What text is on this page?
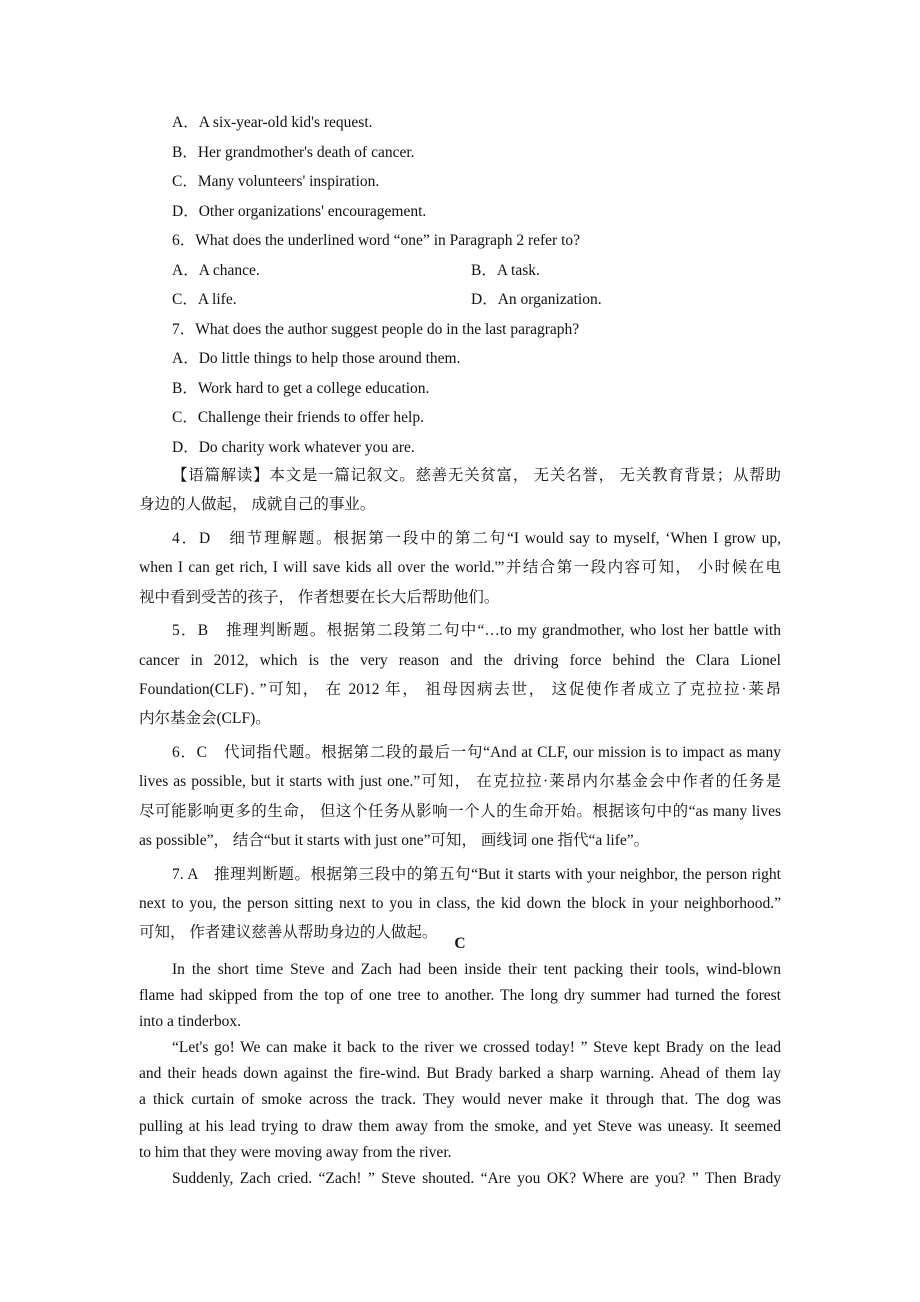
A．A six-year-old kid's request.
B．Her grandmother's death of cancer.
C．Many volunteers' inspiration.
D．Other organizations' encouragement.
6．What does the underlined word “one” in Paragraph 2 refer to?
A．A chance.	B．A task.
C．A life.	D．An organization.
7．What does the author suggest people do in the last paragraph?
A．Do little things to help those around them.
B．Work hard to get a college education.
C．Challenge their friends to offer help.
D．Do charity work whatever you are.
【语篇解读】本文是一篇记叙文。慈善无关贫富， 无关名誉， 无关教育背景；从帮助
身边的人做起， 成就自己的事业。
4．D　细节理解题。根据第一段中的第二句“I would say to myself, ‘When I grow up,
when I can get rich, I will save kids all over the world.'”并结合第一段内容可知， 小时候在电
视中看到受苦的孩子， 作者想要在长大后帮助他们。
5．B　推理判断题。根据第二段第二句中“…to my grandmother, who lost her battle with
cancer in 2012, which is the very reason and the driving force behind the Clara Lionel
Foundation(CLF)．”可知， 在 2012 年， 祖母因病去世， 这促使作者成立了克拉拉·莱昂
内尔基金会(CLF)。
6．C　代词指代题。根据第二段的最后一句“And at CLF, our mission is to impact as many
lives as possible, but it starts with just one.”可知， 在克拉拉·莱昂内尔基金会中作者的任务是
尽可能影响更多的生命， 但这个任务从影响一个人的生命开始。根据该句中的“as many lives
as possible”， 结合“but it starts with just one”可知， 画线词 one 指代“a life”。
7. A　推理判断题。根据第三段中的第五句“But it starts with your neighbor, the person right
next to you, the person sitting next to you in class, the kid down the block in your neighborhood.”
可知， 作者建议慈善从帮助身边的人做起。
C
In the short time Steve and Zach had been inside their tent packing their tools, wind-blown
flame had skipped from the top of one tree to another. The long dry summer had turned the forest
into a tinderbox.
“Let's go! We can make it back to the river we crossed today! ” Steve kept Brady on the lead
and their heads down against the fire-wind. But Brady barked a sharp warning. Ahead of them lay
a thick curtain of smoke across the track. They would never make it through that. The dog was
pulling at his lead trying to draw them away from the smoke, and yet Steve was uneasy. It seemed
to him that they were moving away from the river.
Suddenly, Zach cried. “Zach! ” Steve shouted. “Are you OK? Where are you? ” Then Brady
